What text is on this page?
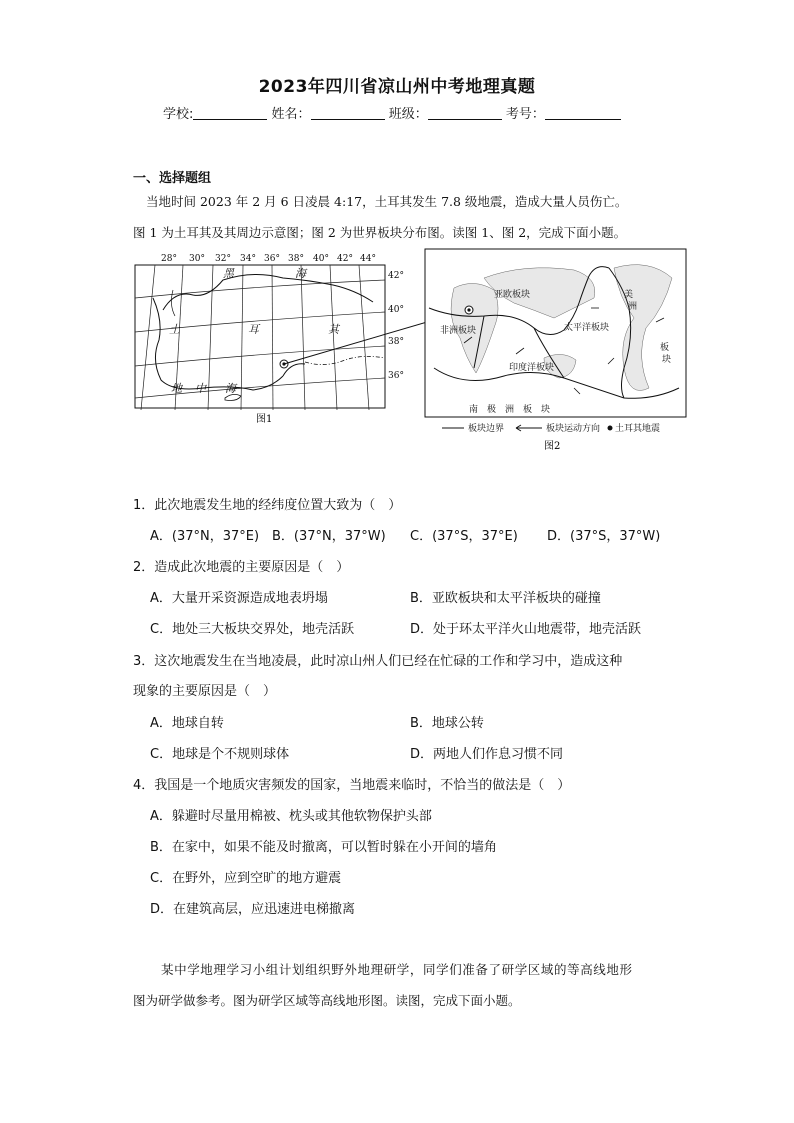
2023年四川省凉山州中考地理真题
学校:	姓名：	班级：	考号：
一、选择题组
当地时间 2023 年 2 月 6 日凌晨 4:17，土耳其发生 7.8 级地震，造成大量人员伤亡。
图 1 为土耳其及其周边示意图；图 2 为世界板块分布图。读图 1、图 2，完成下面小题。
28° 30° 32° 34° 36° 38° 40° 42° 44°
42°
40°
38°
36°
黑	海
土	耳	其
地 中 海
图1
亚欧板块
非洲板块	太平洋板块
印度洋板块
美
洲
板
块
南　极　洲　板　块
板块边界	板块运动方向 土耳其地震
图2
1．此次地震发生地的经纬度位置大致为（　）
A．(37°N，37°E) B．(37°N，37°W) C．(37°S，37°E) D．(37°S，37°W)
2．造成此次地震的主要原因是（　）
A．大量开采资源造成地表坍塌	B．亚欧板块和太平洋板块的碰撞
C．地处三大板块交界处，地壳活跃	D．处于环太平洋火山地震带，地壳活跃
3．这次地震发生在当地凌晨，此时凉山州人们已经在忙碌的工作和学习中，造成这种
现象的主要原因是（　）
A．地球自转	B．地球公转
C．地球是个不规则球体	D．两地人们作息习惯不同
4．我国是一个地质灾害频发的国家，当地震来临时，不恰当的做法是（　）
A．躲避时尽量用棉被、枕头或其他软物保护头部
B．在家中，如果不能及时撤离，可以暂时躲在小开间的墙角
C．在野外，应到空旷的地方避震
D．在建筑高层，应迅速进电梯撤离
某中学地理学习小组计划组织野外地理研学，同学们准备了研学区域的等高线地形
图为研学做参考。图为研学区域等高线地形图。读图，完成下面小题。
